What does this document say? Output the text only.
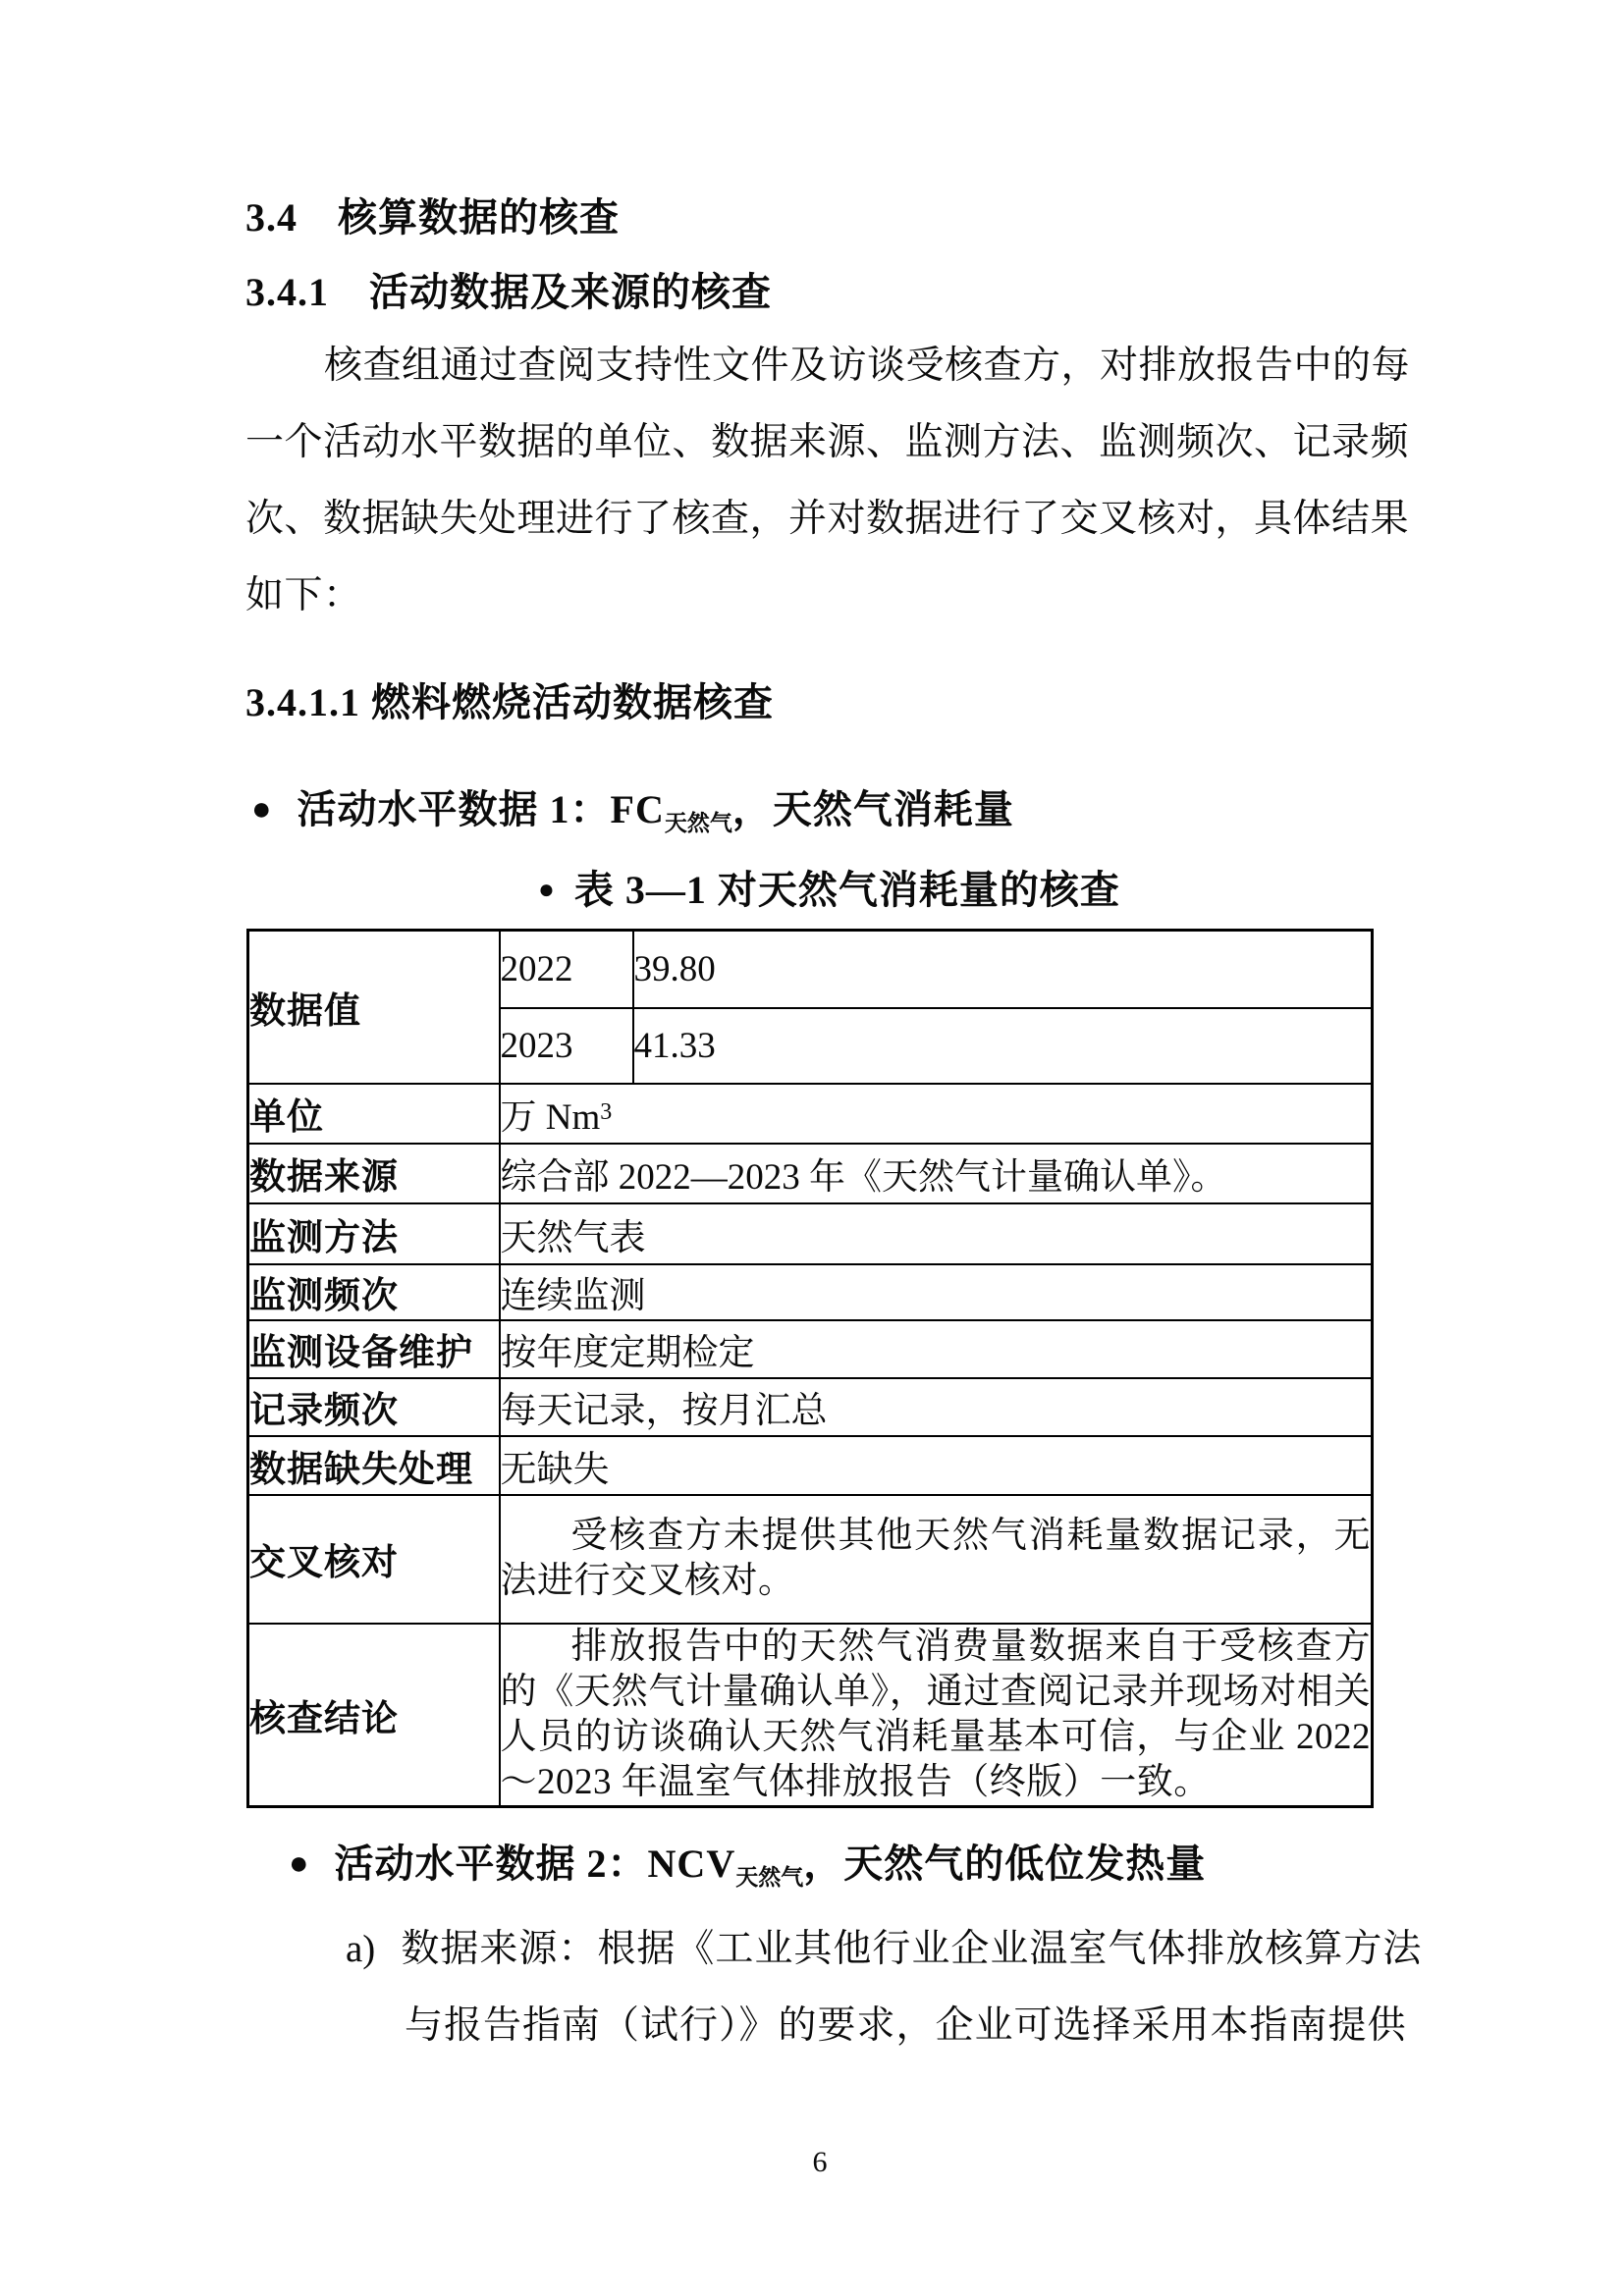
3.4　核算数据的核查
3.4.1　活动数据及来源的核查
核查组通过查阅支持性文件及访谈受核查方，对排放报告中的每
一个活动水平数据的单位、数据来源、监测方法、监测频次、记录频
次、数据缺失处理进行了核查，并对数据进行了交叉核对，具体结果
如下：
3.4.1.1 燃料燃烧活动数据核查
● 活动水平数据 1：$FC_{天然气}$，天然气消耗量
● 表 3—1 对天然气消耗量的核查
数据值	2022	39.80
	2023	41.33
单位	万 Nm$^3$
数据来源	综合部 2022—2023 年《天然气计量确认单》。	
监测方法	天然气表	
监测频次	连续监测	
监测设备维护	按年度定期检定	
记录频次	每天记录，按月汇总	
数据缺失处理	无缺失	
交叉核对	受核查方未提供其他天然气消耗量数据记录，无法进行交叉核对。	
核查结论	排放报告中的天然气消费量数据来自于受核查方的《天然气计量确认单》，通过查阅记录并现场对相关人员的访谈确认天然气消耗量基本可信，与企业 2022～2023 年温室气体排放报告（终版）一致。	
● 活动水平数据 2：$NCV_{天然气}$，天然气的低位发热量
a) 数据来源：根据《工业其他行业企业温室气体排放核算方法
与报告指南（试行）》的要求，企业可选择采用本指南提供
6
